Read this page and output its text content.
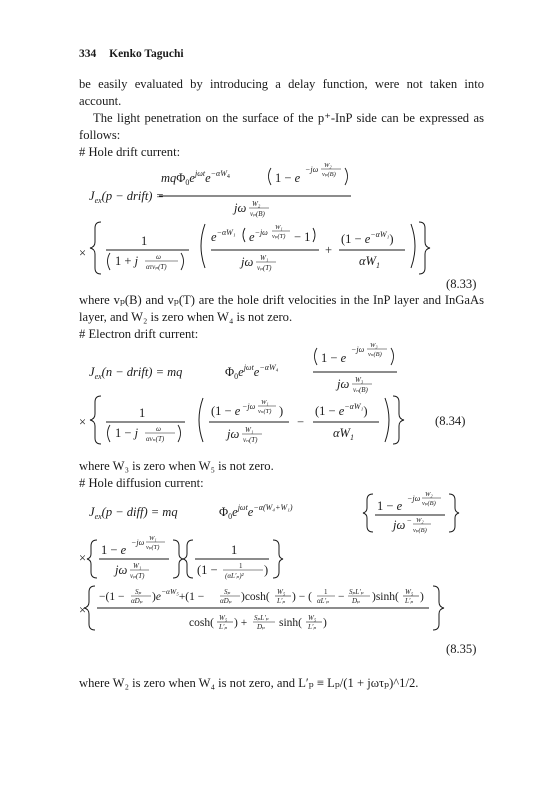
334 Kenko Taguchi

be easily evaluated by introducing a delay function, were not taken into account.

The light penetration on the surface of the p⁺-InP side can be expressed as follows:

# Hole drift current:

$J_{ex}(p$ − drift) =
$mq\Phi_0e^{j\omega t}e^{-\alpha W}4$	1 − e
−jω W₂
vₚ(B)
jω W₂
vₚ(B)
×
1
1 + j	ω
ατvₚ(T)
$e^{-\alpha W_1}$ $e^{-j\omega}$
W₁
vₚ(T) − 1
jω W₁
vₚ(T)
+
$(1 - e^{-\alpha W_1})$
$\alpha W_1$
(8.33)

where vₚ(B) and vₚ(T) are the hole drift velocities in the InP layer and InGaAs layer, and W₂ is zero when W₄ is not zero.

# Electron drift current:

$J_{ex}(n$ − drift) = mq	$\Phi_0e^{j\omega t}e^{-\alpha W_4}$
1 − e
−jω W₃
vₙ(B)
jω W₃
vₙ(B)
×
1
1 − j	ω
αvₙ(T)
(1 − e −jω W₁
vₙ(T) )
jω W₁
vₙ(T)
−
$(1 - e^{-\alpha W_1})$
$\alpha W_1$
(8.34)

where W₃ is zero when W₅ is not zero.

# Hole diffusion current:

$J_{ex}(p$ − diff) = mq	$\Phi_0e^{j\omega t}e^{-\alpha(W_4+W_1)}$	1 − e
−jω W₂
vₚ(B)
jω − W₂
vₚ(B)
×
1 − e
−jω W₁
vₚ(T)
jω W₁
vₚ(T)
1
(1 −	1
(αL′ₚ)² )
×
−(1 − Sₚ
αDₚ )$e^{-\alpha W_5}+(1$ −	Sₚ
αDₚ )cosh( W₅
L′ₚ ) − ( 1
αL′ₚ − SₚL′ₚ
Dₚ )sinh( W₅
L′ₚ )
cosh( W₅
L′ₚ ) + SₚL′ₚ
Dₚ sinh( W₅
L′ₚ )
(8.35)

where W₂ is zero when W₄ is not zero, and L′ₚ ≡ Lₚ/(1 + jωτₚ)^1/2.
